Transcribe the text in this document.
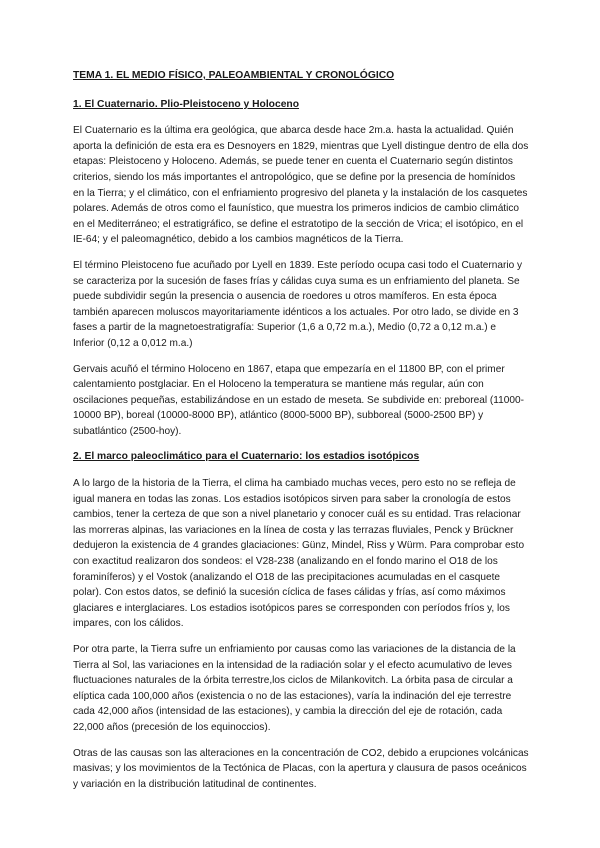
TEMA 1. EL MEDIO FÍSICO, PALEOAMBIENTAL Y CRONOLÓGICO
1. El Cuaternario. Plio-Pleistoceno y Holoceno

El Cuaternario es la última era geológica, que abarca desde hace 2m.a. hasta la actualidad. Quién aporta la definición de esta era es Desnoyers en 1829, mientras que Lyell distingue dentro de ella dos etapas: Pleistoceno y Holoceno. Además, se puede tener en cuenta el Cuaternario según distintos criterios, siendo los más importantes el antropológico, que se define por la presencia de homínidos en la Tierra; y el climático, con el enfriamiento progresivo del planeta y la instalación de los casquetes polares. Además de otros como el faunístico, que muestra los primeros indicios de cambio climático en el Mediterráneo; el estratigráfico, se define el estratotipo de la sección de Vrica; el isotópico, en el IE-64; y el paleomagnético, debido a los cambios magnéticos de la Tierra.

El término Pleistoceno fue acuñado por Lyell en 1839. Este período ocupa casi todo el Cuaternario y se caracteriza por la sucesión de fases frías y cálidas cuya suma es un enfriamiento del planeta. Se puede subdividir según la presencia o ausencia de roedores u otros mamíferos. En esta época también aparecen moluscos mayoritariamente idénticos a los actuales. Por otro lado, se divide en 3 fases a partir de la magnetoestratigrafía: Superior (1,6 a 0,72 m.a.), Medio (0,72 a 0,12 m.a.) e Inferior (0,12 a 0,012 m.a.)

Gervais acuñó el término Holoceno en 1867, etapa que empezaría en el 11800 BP, con el primer calentamiento postglaciar. En el Holoceno la temperatura se mantiene más regular, aún con oscilaciones pequeñas, estabilizándose en un estado de meseta. Se subdivide en: preboreal (11000-10000 BP), boreal (10000-8000 BP), atlántico (8000-5000 BP), subboreal (5000-2500 BP) y subatlántico (2500-hoy).

2. El marco paleoclimático para el Cuaternario: los estadios isotópicos

A lo largo de la historia de la Tierra, el clima ha cambiado muchas veces, pero esto no se refleja de igual manera en todas las zonas. Los estadios isotópicos sirven para saber la cronología de estos cambios, tener la certeza de que son a nivel planetario y conocer cuál es su entidad. Tras relacionar las morreras alpinas, las variaciones en la línea de costa y las terrazas fluviales, Penck y Brückner dedujeron la existencia de 4 grandes glaciaciones: Günz, Mindel, Riss y Würm. Para comprobar esto con exactitud realizaron dos sondeos: el V28-238 (analizando en el fondo marino el O18 de los foraminíferos) y el Vostok (analizando el O18 de las precipitaciones acumuladas en el casquete polar). Con estos datos, se definió la sucesión cíclica de fases cálidas y frías, así como máximos glaciares e interglaciares. Los estadios isotópicos pares se corresponden con períodos fríos y, los impares, con los cálidos.

Por otra parte, la Tierra sufre un enfriamiento por causas como las variaciones de la distancia de la Tierra al Sol, las variaciones en la intensidad de la radiación solar y el efecto acumulativo de leves fluctuaciones naturales de la órbita terrestre,los ciclos de Milankovitch. La órbita pasa de circular a elíptica cada 100,000 años (existencia o no de las estaciones), varía la indinación del eje terrestre cada 42,000 años (intensidad de las estaciones), y cambia la dirección del eje de rotación, cada 22,000 años (precesión de los equinoccios).

Otras de las causas son las alteraciones en la concentración de CO2, debido a erupciones volcánicas masivas; y los movimientos de la Tectónica de Placas, con la apertura y clausura de pasos oceánicos y variación en la distribución latitudinal de continentes.
